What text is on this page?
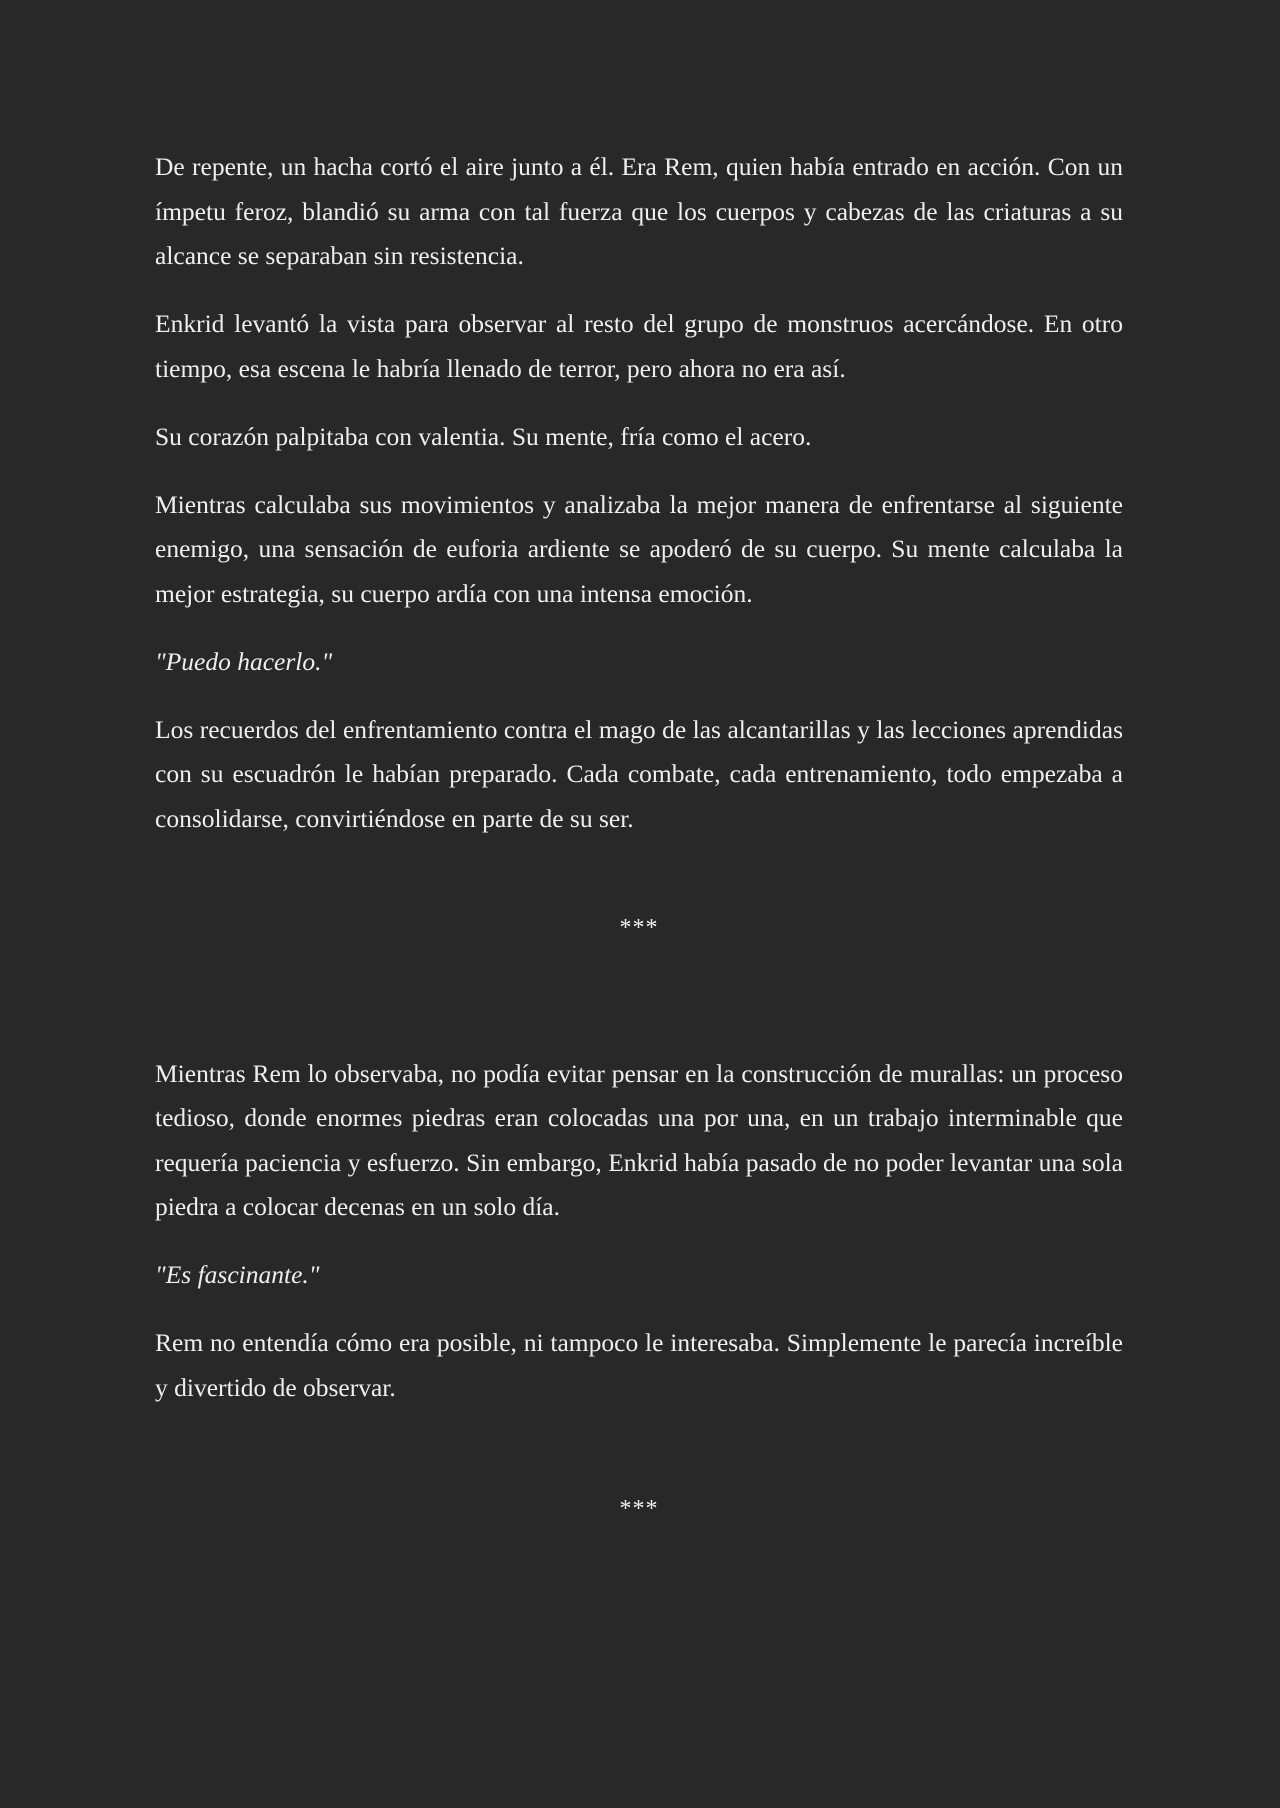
De repente, un hacha cortó el aire junto a él. Era Rem, quien había entrado en acción. Con un ímpetu feroz, blandió su arma con tal fuerza que los cuerpos y cabezas de las criaturas a su alcance se separaban sin resistencia.

Enkrid levantó la vista para observar al resto del grupo de monstruos acercándose. En otro tiempo, esa escena le habría llenado de terror, pero ahora no era así.

Su corazón palpitaba con valentia. Su mente, fría como el acero.

Mientras calculaba sus movimientos y analizaba la mejor manera de enfrentarse al siguiente enemigo, una sensación de euforia ardiente se apoderó de su cuerpo. Su mente calculaba la mejor estrategia, su cuerpo ardía con una intensa emoción.

"Puedo hacerlo."

Los recuerdos del enfrentamiento contra el mago de las alcantarillas y las lecciones aprendidas con su escuadrón le habían preparado. Cada combate, cada entrenamiento, todo empezaba a consolidarse, convirtiéndose en parte de su ser.

***

Mientras Rem lo observaba, no podía evitar pensar en la construcción de murallas: un proceso tedioso, donde enormes piedras eran colocadas una por una, en un trabajo interminable que requería paciencia y esfuerzo. Sin embargo, Enkrid había pasado de no poder levantar una sola piedra a colocar decenas en un solo día.

"Es fascinante."

Rem no entendía cómo era posible, ni tampoco le interesaba. Simplemente le parecía increíble y divertido de observar.

***
